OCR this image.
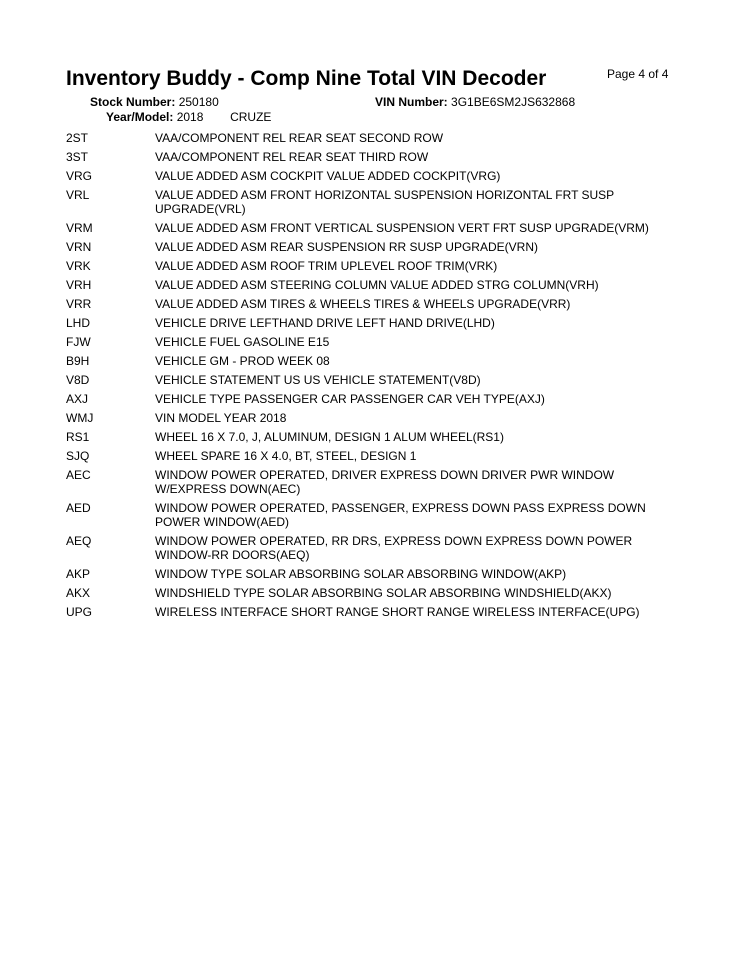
Inventory Buddy - Comp Nine Total VIN Decoder	Page 4 of 4
Stock Number: 250180	VIN Number: 3G1BE6SM2JS632868
Year/Model: 2018 CRUZE
2ST	VAA/COMPONENT REL REAR SEAT SECOND ROW
3ST	VAA/COMPONENT REL REAR SEAT THIRD ROW
VRG	VALUE ADDED ASM COCKPIT VALUE ADDED COCKPIT(VRG)
VRL	VALUE ADDED ASM FRONT HORIZONTAL SUSPENSION HORIZONTAL FRT SUSP UPGRADE(VRL)
VRM	VALUE ADDED ASM FRONT VERTICAL SUSPENSION VERT FRT SUSP UPGRADE(VRM)
VRN	VALUE ADDED ASM REAR SUSPENSION RR SUSP UPGRADE(VRN)
VRK	VALUE ADDED ASM ROOF TRIM UPLEVEL ROOF TRIM(VRK)
VRH	VALUE ADDED ASM STEERING COLUMN VALUE ADDED STRG COLUMN(VRH)
VRR	VALUE ADDED ASM TIRES & WHEELS TIRES & WHEELS UPGRADE(VRR)
LHD	VEHICLE DRIVE LEFTHAND DRIVE LEFT HAND DRIVE(LHD)
FJW	VEHICLE FUEL GASOLINE E15
B9H	VEHICLE GM - PROD WEEK 08
V8D	VEHICLE STATEMENT US US VEHICLE STATEMENT(V8D)
AXJ	VEHICLE TYPE PASSENGER CAR PASSENGER CAR VEH TYPE(AXJ)
WMJ	VIN MODEL YEAR 2018
RS1	WHEEL 16 X 7.0, J, ALUMINUM, DESIGN 1 ALUM WHEEL(RS1)
SJQ	WHEEL SPARE 16 X 4.0, BT, STEEL, DESIGN 1
AEC	WINDOW POWER OPERATED, DRIVER EXPRESS DOWN DRIVER PWR WINDOW W/EXPRESS DOWN(AEC)
AED	WINDOW POWER OPERATED, PASSENGER, EXPRESS DOWN PASS EXPRESS DOWN POWER WINDOW(AED)
AEQ	WINDOW POWER OPERATED, RR DRS, EXPRESS DOWN EXPRESS DOWN POWER WINDOW-RR DOORS(AEQ)
AKP	WINDOW TYPE SOLAR ABSORBING SOLAR ABSORBING WINDOW(AKP)
AKX	WINDSHIELD TYPE SOLAR ABSORBING SOLAR ABSORBING WINDSHIELD(AKX)
UPG	WIRELESS INTERFACE SHORT RANGE SHORT RANGE WIRELESS INTERFACE(UPG)
